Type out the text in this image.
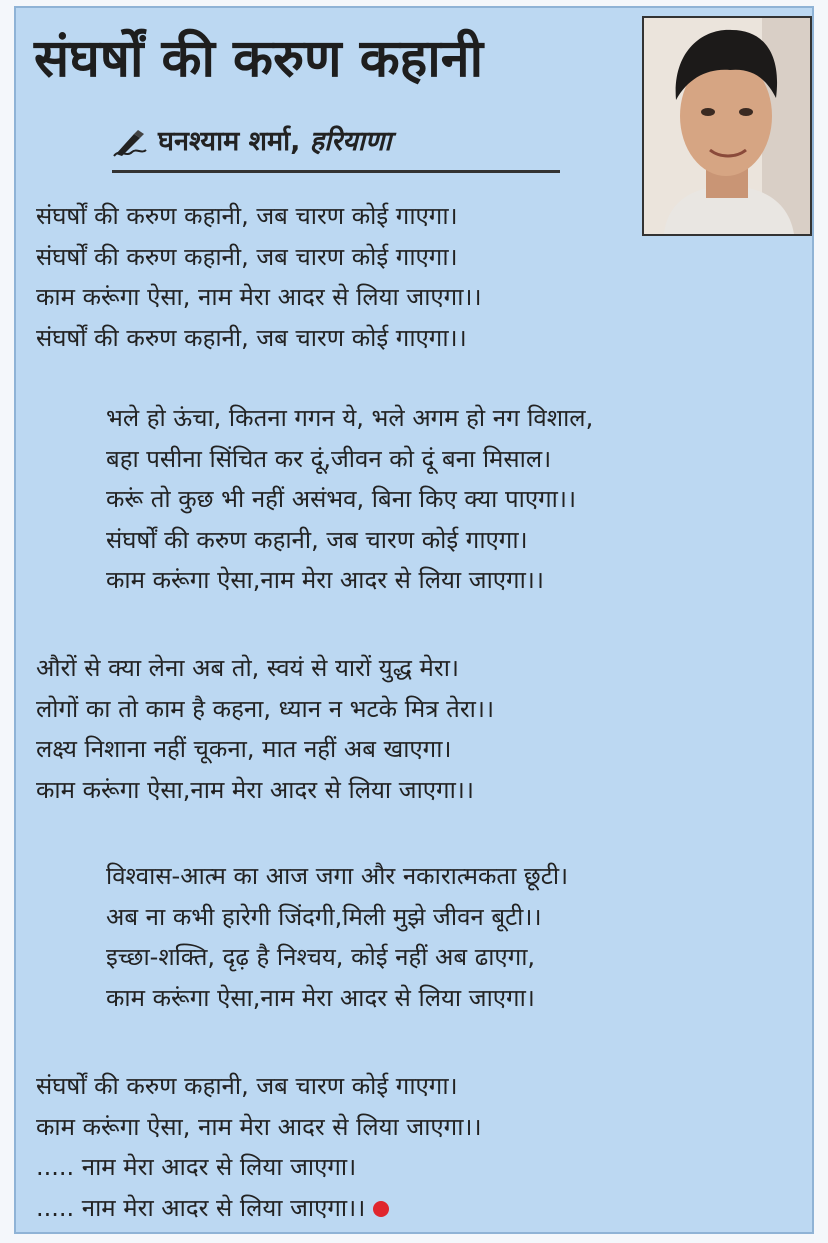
संघर्षों की करुण कहानी
घनश्याम शर्मा, हरियाणा
संघर्षों की करुण कहानी, जब चारण कोई गाएगा।
संघर्षों की करुण कहानी, जब चारण कोई गाएगा।
काम करूंगा ऐसा, नाम मेरा आदर से लिया जाएगा।।
संघर्षों की करुण कहानी, जब चारण कोई गाएगा।।
भले हो ऊंचा, कितना गगन ये, भले अगम हो नग विशाल,
बहा पसीना सिंचित कर दूं,जीवन को दूं बना मिसाल।
करूं तो कुछ भी नहीं असंभव, बिना किए क्या पाएगा।।
संघर्षों की करुण कहानी, जब चारण कोई गाएगा।
काम करूंगा ऐसा,नाम मेरा आदर से लिया जाएगा।।
औरों से क्या लेना अब तो, स्वयं से यारों युद्ध मेरा।
लोगों का तो काम है कहना, ध्यान न भटके मित्र तेरा।।
लक्ष्य निशाना नहीं चूकना, मात नहीं अब खाएगा।
काम करूंगा ऐसा,नाम मेरा आदर से लिया जाएगा।।
विश्वास-आत्म का आज जगा और नकारात्मकता छूटी।
अब ना कभी हारेगी जिंदगी,मिली मुझे जीवन बूटी।।
इच्छा-शक्ति, दृढ़ है निश्चय, कोई नहीं अब ढाएगा,
काम करूंगा ऐसा,नाम मेरा आदर से लिया जाएगा।
संघर्षों की करुण कहानी, जब चारण कोई गाएगा।
काम करूंगा ऐसा, नाम मेरा आदर से लिया जाएगा।।
..... नाम मेरा आदर से लिया जाएगा।
..... नाम मेरा आदर से लिया जाएगा।।
